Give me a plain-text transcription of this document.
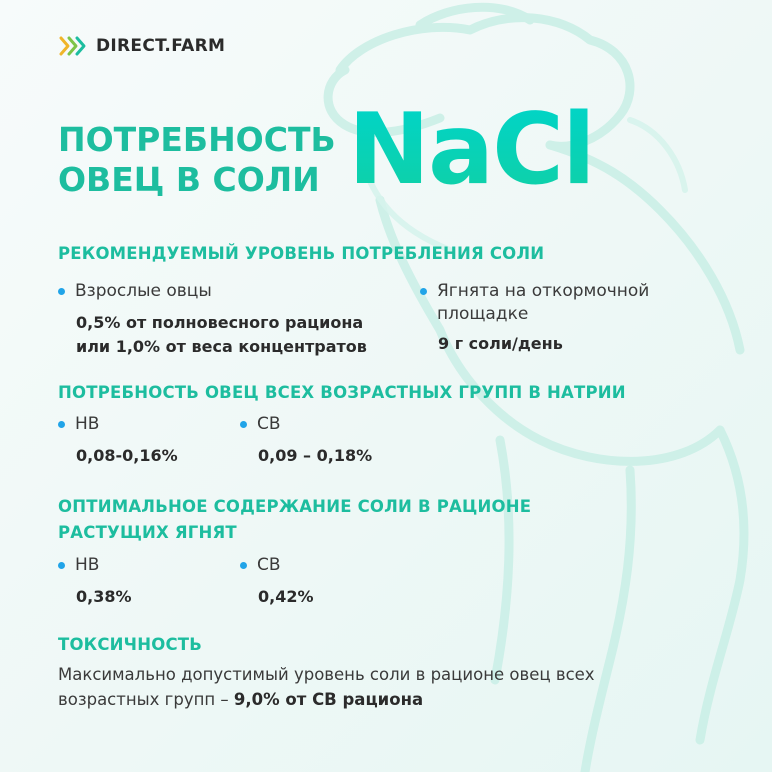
DIRECT.FARM
ПОТРЕБНОСТЬ
ОВЕЦ В СОЛИ NaCl
РЕКОМЕНДУЕМЫЙ УРОВЕНЬ ПОТРЕБЛЕНИЯ СОЛИ
Взрослые овцы
0,5% от полновесного рациона
или 1,0% от веса концентратов
Ягнята на откормочной
площадке
9 г соли/день
ПОТРЕБНОСТЬ ОВЕЦ ВСЕХ ВОЗРАСТНЫХ ГРУПП В НАТРИИ
НВ
0,08-0,16%
СВ
0,09 – 0,18%
ОПТИМАЛЬНОЕ СОДЕРЖАНИЕ СОЛИ В РАЦИОНЕ
РАСТУЩИХ ЯГНЯТ
НВ
0,38%
СВ
0,42%
ТОКСИЧНОСТЬ
Максимально допустимый уровень соли в рационе овец всех возрастных групп – 9,0% от СВ рациона
